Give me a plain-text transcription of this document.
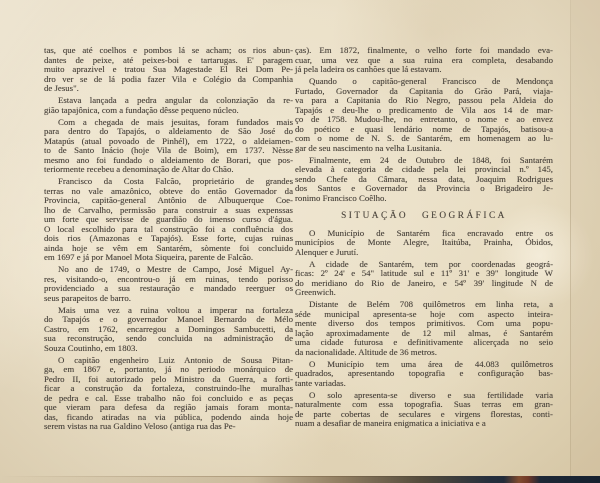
tas, que até coelhos e pombos lá se acham; os rios abun-
dantes de peixe, até peixes-boi e tartarugas. E' paragem
muito aprazivel e tratou Sua Magestade El Rei Dom Pe-
dro ver se de lá podia fazer Vila e Colégio da Companhia
de Jesus".
Estava lançada a pedra angular da colonziação da re-
gião tapajônica, com a fundação dêsse pequeno núcleo.
Com a chegada de mais jesuitas, foram fundados mais
para dentro do Tapajós, o aldeiamento de São José do
Matapús (atual povoado de Pinhél), em 1722, o aldeiamen-
to de Santo Inácio (hoje Vila de Boim), em 1737. Nèsse
mesmo ano foi fundado o aldeiamento de Borari, que pos-
teriormente recebeu a denominação de Altar do Chão.
Francisco da Costa Falcão, proprietário de grandes
terras no vale amazônico, obteve do então Governador da
Provincia, capitão-general Antônio de Albuquerque Coe-
lho de Carvalho, permissão para construir a suas expenssas
um forte que servisse de guardião do imenso curso d'água.
O local escolhido para tal construção foi a confluência dos
dois rios (Amazonas e Tapajós). Esse forte, cujas ruinas
ainda hoje se vêm em Santarém, sòmente foi concluido
em 1697 e já por Manoel Mota Siqueira, parente de Falcão.
No ano de 1749, o Mestre de Campo, José Miguel Ay-
res, visitando-o, encontrou-o já em ruinas, tendo porisso
providenciado a sua restauração e mandado reerguer os
seus parapeitos de barro.
Mais uma vez a ruina voltou a imperar na fortaleza
do Tapajós e o governador Manoel Bernardo de Mélo
Castro, em 1762, encarregou a Domingos Sambucetti, da
sua reconstrução, sendo concluida na administração de
Souza Coutinho, em 1803.
O capitão engenheiro Luiz Antonio de Sousa Pitan-
ga, em 1867 e, portanto, já no periodo monárquico de
Pedro II, foi autorizado pelo Ministro da Guerra, a forti-
ficar a construção da fortaleza, construindo-lhe muralhas
de pedra e cal. Esse trabalho não foi concluido e as peças
que vieram para defesa da região jamais foram monta-
das, ficando atiradas na via pública, podendo ainda hoje
serem vistas na rua Galdino Veloso (antiga rua das Pe-
ças). Em 1872, finalmente, o velho forte foi mandado eva-
cuar, uma vez que a sua ruina era completa, desabando
já pela ladeira os canhões que lá estavam.
Quando o capitão-general Francisco de Mendonça
Furtado, Governador da Capitania do Grão Pará, viaja-
va para a Capitania do Rio Negro, passou pela Aldeia do
Tapajós e deu-lhe o predicamento de Vila aos 14 de mar-
ço de 1758. Mudou-lhe, no entretanto, o nome e ao envez
do poético e quasi lendário nome de Tapajós, batisou-a
com o nome de N. S. de Santarém, em homenagem ao lu-
gar de seu nascimento na velha Lusitania.
Finalmente, em 24 de Outubro de 1848, foi Santarém
elevada à categoria de cidade pela lei provincial n.º 145,
sendo Chefe da Câmara, nessa data, Joaquim Rodrigues
dos Santos e Governador da Provincia o Brigadeiro Je-
ronimo Francisco Coêlho.
SITUAÇÃO GEOGRÁFICA
O Município de Santarém fica encravado entre os
municípios de Monte Alegre, Itaitúba, Prainha, Óbidos,
Alenquer e Jurutí.
A cidade de Santarém, tem por coordenadas geográ-
ficas: 2º 24' e 54" latitude sul e 11º 31' e 39" longitude W
do meridiano do Rio de Janeiro, e 54º 39' lingitude N de
Greenwich.
Distante de Belém 708 quilômetros em linha reta, a
séde municipal apresenta-se hoje com aspecto inteira-
mente diverso dos tempos primitivos. Com uma popu-
lação aproximadamente de 12 mil almas, é Santarém
uma cidade futurosa e definitivamente alicerçada no seio
da nacionalidade. Altitude de 36 metros.
O Município tem uma área de 44.083 quilômetros
quadrados, apresentando topografia e configuração bas-
tante variadas.
O solo apresenta-se diverso e sua fertilidade varia
naturalmente com essa topografia. Suas terras em gran-
de parte cobertas de seculares e virgens florestas, conti-
nuam a desafiar de maneira enigmatica a iniciativa e a
